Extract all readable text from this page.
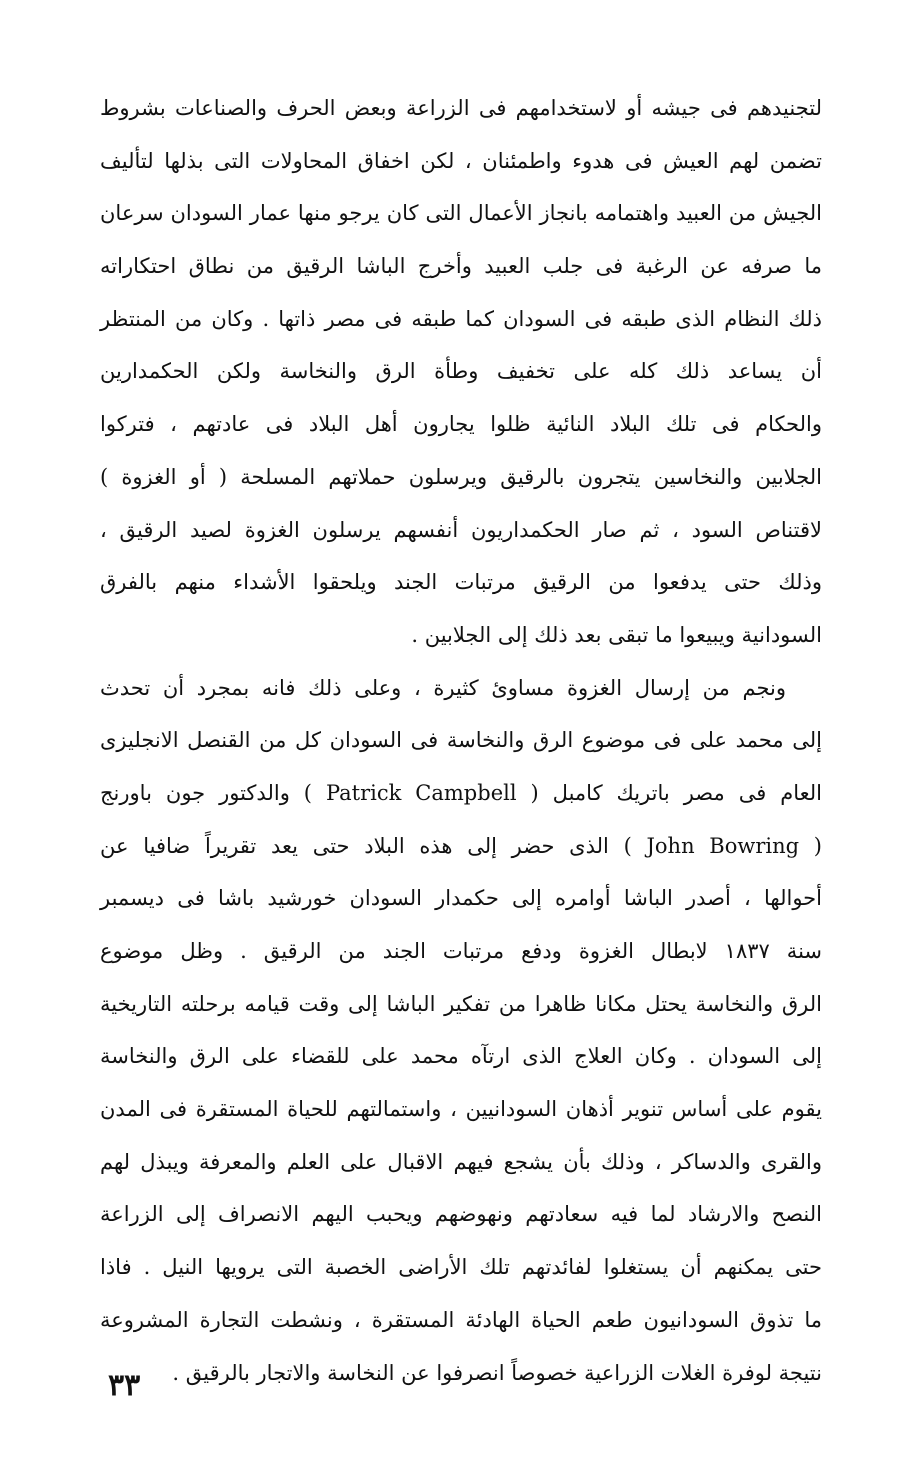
لتجنيدهم فى جيشه أو لاستخدامهم فى الزراعة وبعض الحرف والصناعات بشروط
تضمن لهم العيش فى هدوء واطمئنان ، لكن اخفاق المحاولات التى بذلها لتأليف
الجيش من العبيد واهتمامه بانجاز الأعمال التى كان يرجو منها عمار السودان سرعان
ما صرفه عن الرغبة فى جلب العبيد وأخرج الباشا الرقيق من نطاق احتكاراته
ذلك النظام الذى طبقه فى السودان كما طبقه فى مصر ذاتها . وكان من المنتظر
أن يساعد ذلك كله على تخفيف وطأة الرق والنخاسة ولكن الحكمدارين
والحكام فى تلك البلاد النائية ظلوا يجارون أهل البلاد فى عادتهم ، فتركوا
الجلابين والنخاسين يتجرون بالرقيق ويرسلون حملاتهم المسلحة ( أو الغزوة )
لاقتناص السود ، ثم صار الحكمداريون أنفسهم يرسلون الغزوة لصيد الرقيق ،
وذلك حتى يدفعوا من الرقيق مرتبات الجند ويلحقوا الأشداء منهم بالفرق
السودانية ويبيعوا ما تبقى بعد ذلك إلى الجلابين .
ونجم من إرسال الغزوة مساوئ كثيرة ، وعلى ذلك فانه بمجرد أن تحدث
إلى محمد على فى موضوع الرق والنخاسة فى السودان كل من القنصل الانجليزى
العام فى مصر باتريك كامبل ( Patrick Campbell ) والدكتور جون باورنج
( John Bowring ) الذى حضر إلى هذه البلاد حتى يعد تقريراً ضافيا عن
أحوالها ، أصدر الباشا أوامره إلى حكمدار السودان خورشيد باشا فى ديسمبر
سنة ١٨٣٧ لابطال الغزوة ودفع مرتبات الجند من الرقيق . وظل موضوع
الرق والنخاسة يحتل مكانا ظاهرا من تفكير الباشا إلى وقت قيامه برحلته التاريخية
إلى السودان . وكان العلاج الذى ارتآه محمد على للقضاء على الرق والنخاسة
يقوم على أساس تنوير أذهان السودانيين ، واستمالتهم للحياة المستقرة فى المدن
والقرى والدساكر ، وذلك بأن يشجع فيهم الاقبال على العلم والمعرفة ويبذل لهم
النصح والارشاد لما فيه سعادتهم ونهوضهم ويحبب اليهم الانصراف إلى الزراعة
حتى يمكنهم أن يستغلوا لفائدتهم تلك الأراضى الخصبة التى يرويها النيل . فاذا
ما تذوق السودانيون طعم الحياة الهادئة المستقرة ، ونشطت التجارة المشروعة
نتيجة لوفرة الغلات الزراعية خصوصاً انصرفوا عن النخاسة والاتجار بالرقيق .
٣٣
